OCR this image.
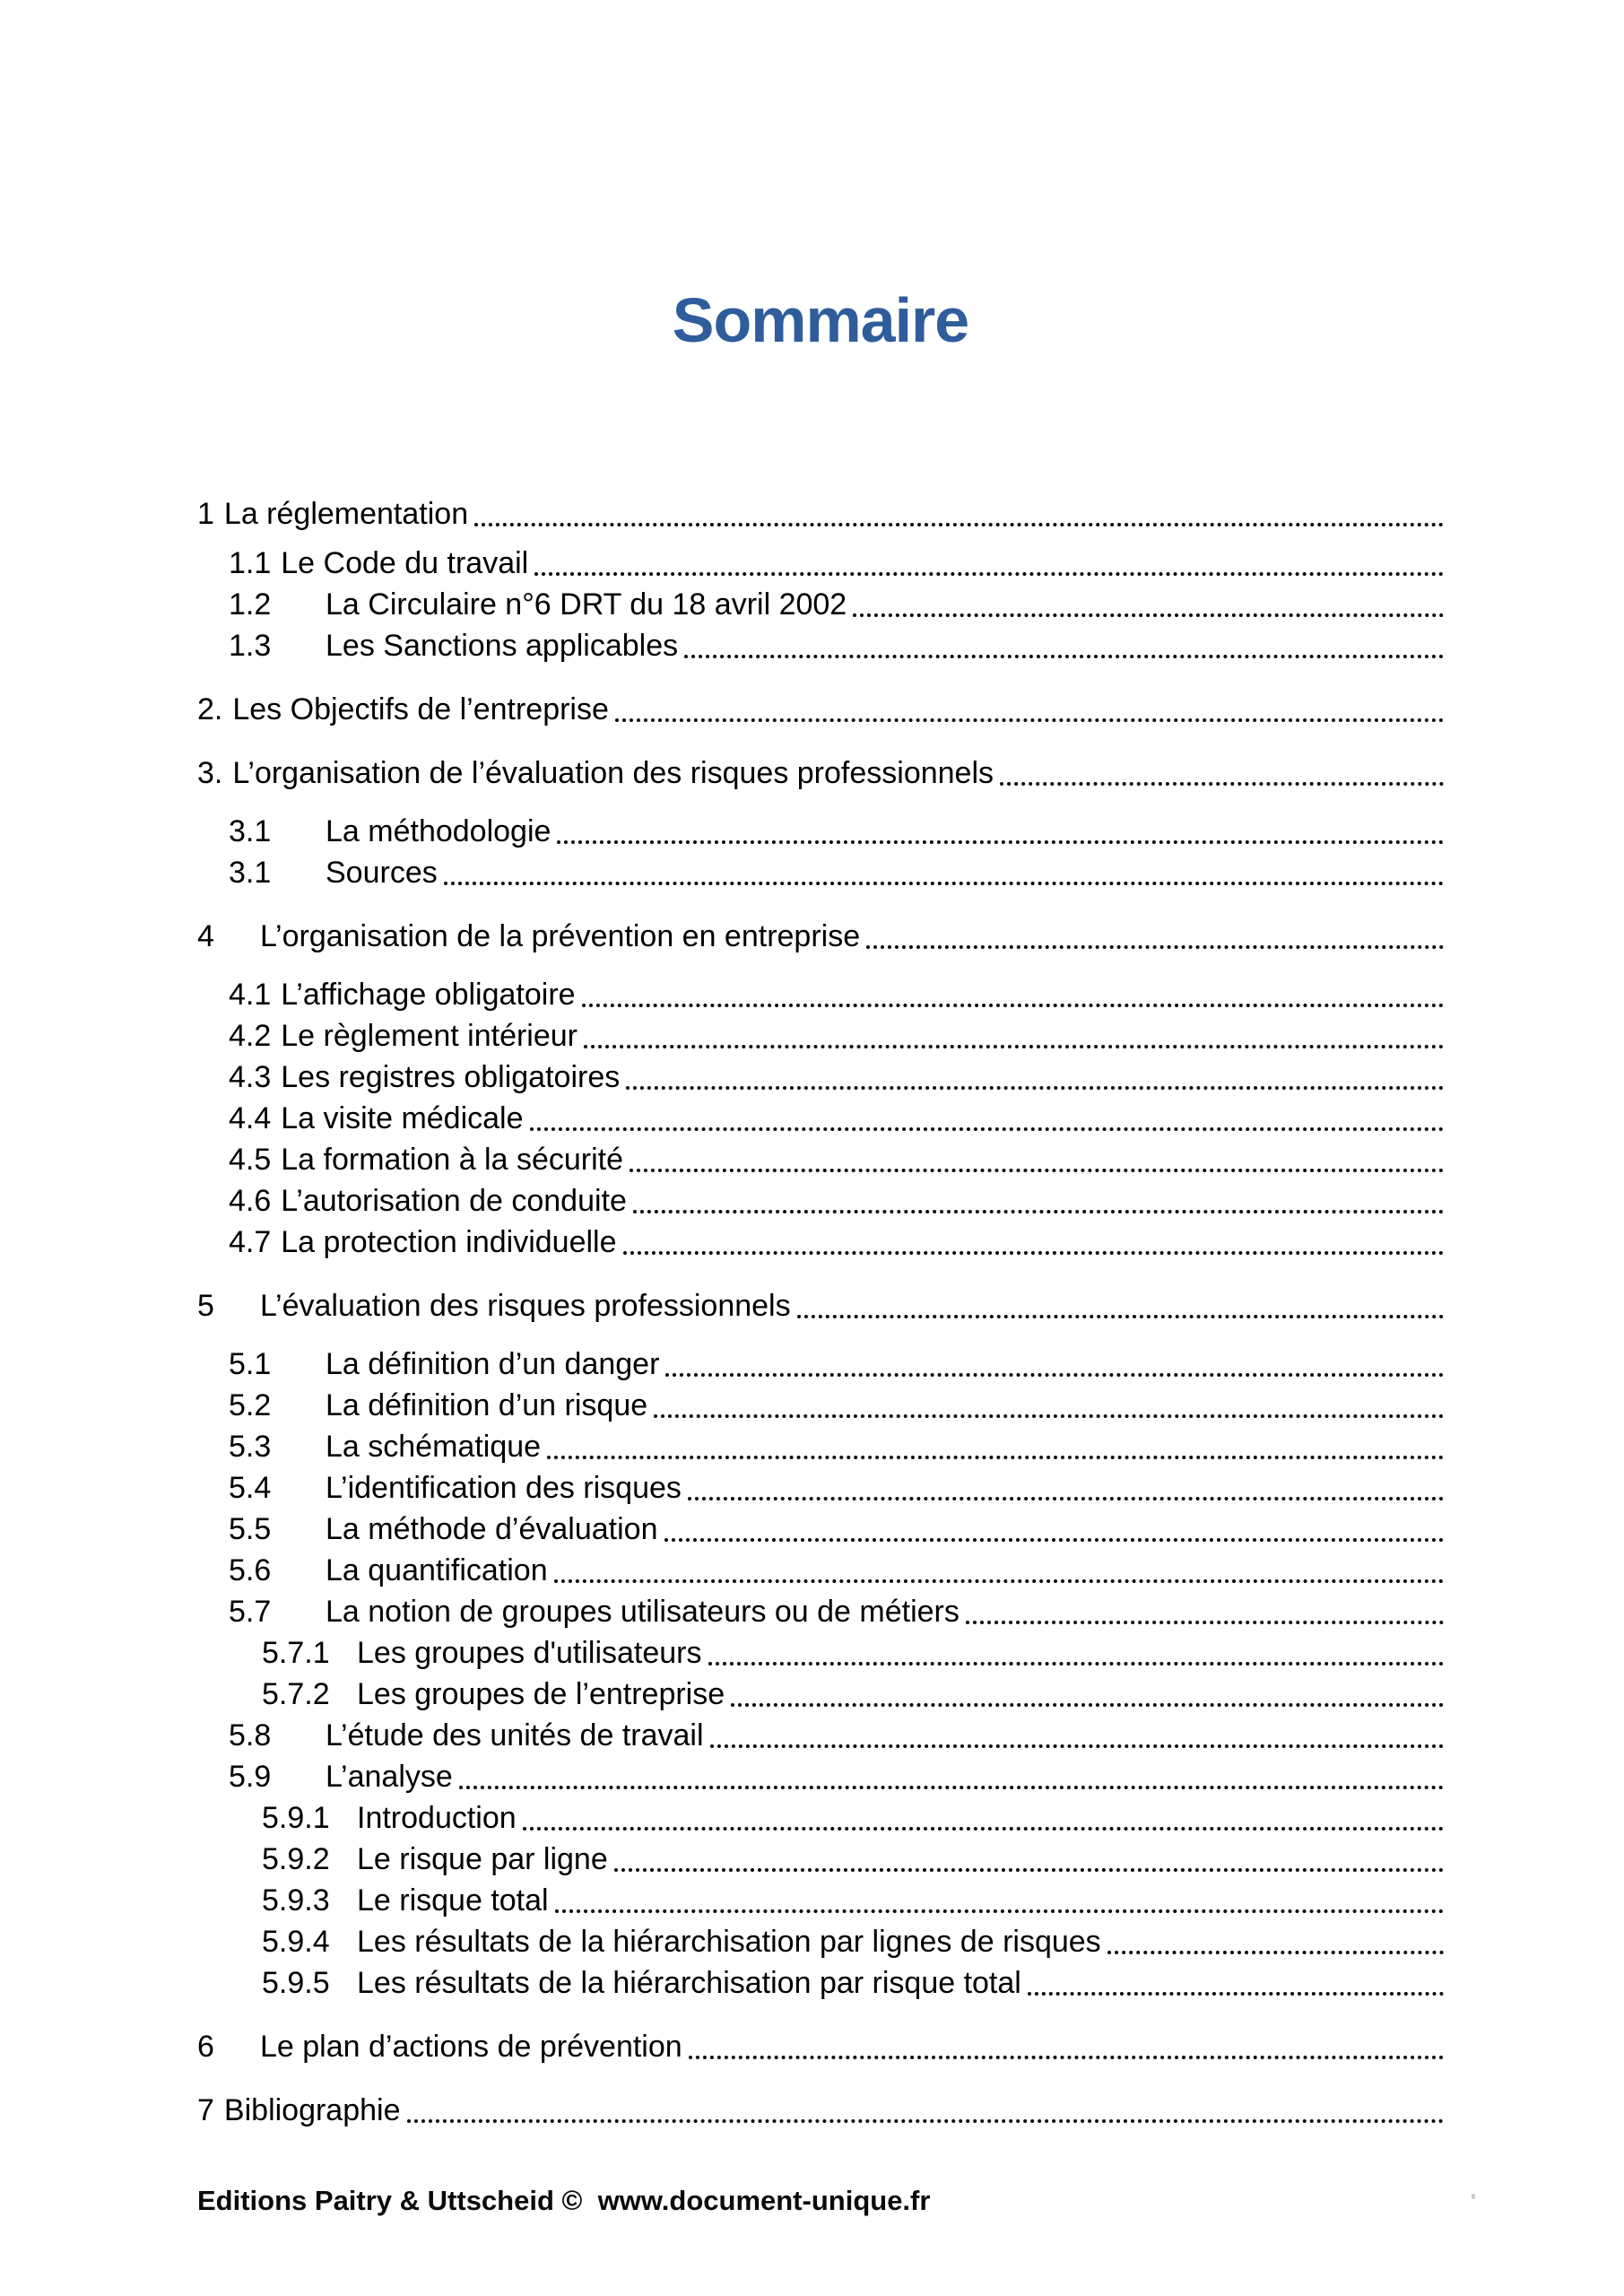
Sommaire
1 La réglementation
1.1 Le Code du travail
1.2	La Circulaire n°6 DRT du 18 avril 2002
1.3	Les Sanctions applicables
2. Les Objectifs de l’entreprise
3. L’organisation de l’évaluation des risques professionnels
3.1	La méthodologie
3.1	Sources
4	L’organisation de la prévention en entreprise
4.1 L’affichage obligatoire
4.2 Le règlement intérieur
4.3 Les registres obligatoires
4.4 La visite médicale
4.5 La formation à la sécurité
4.6 L’autorisation de conduite
4.7 La protection individuelle
5	L’évaluation des risques professionnels
5.1	La définition d’un danger
5.2	La définition d’un risque
5.3	La schématique
5.4	L’identification des risques
5.5	La méthode d’évaluation
5.6	La quantification
5.7	La notion de groupes utilisateurs ou de métiers
5.7.1 Les groupes d'utilisateurs
5.7.2 Les groupes de l’entreprise
5.8	L’étude des unités de travail
5.9	L’analyse
5.9.1 Introduction
5.9.2 Le risque par ligne
5.9.3 Le risque total
5.9.4 Les résultats de la hiérarchisation par lignes de risques
5.9.5 Les résultats de la hiérarchisation par risque total
6	Le plan d’actions de prévention
7 Bibliographie
Editions Paitry & Uttscheid ©  www.document-unique.fr
